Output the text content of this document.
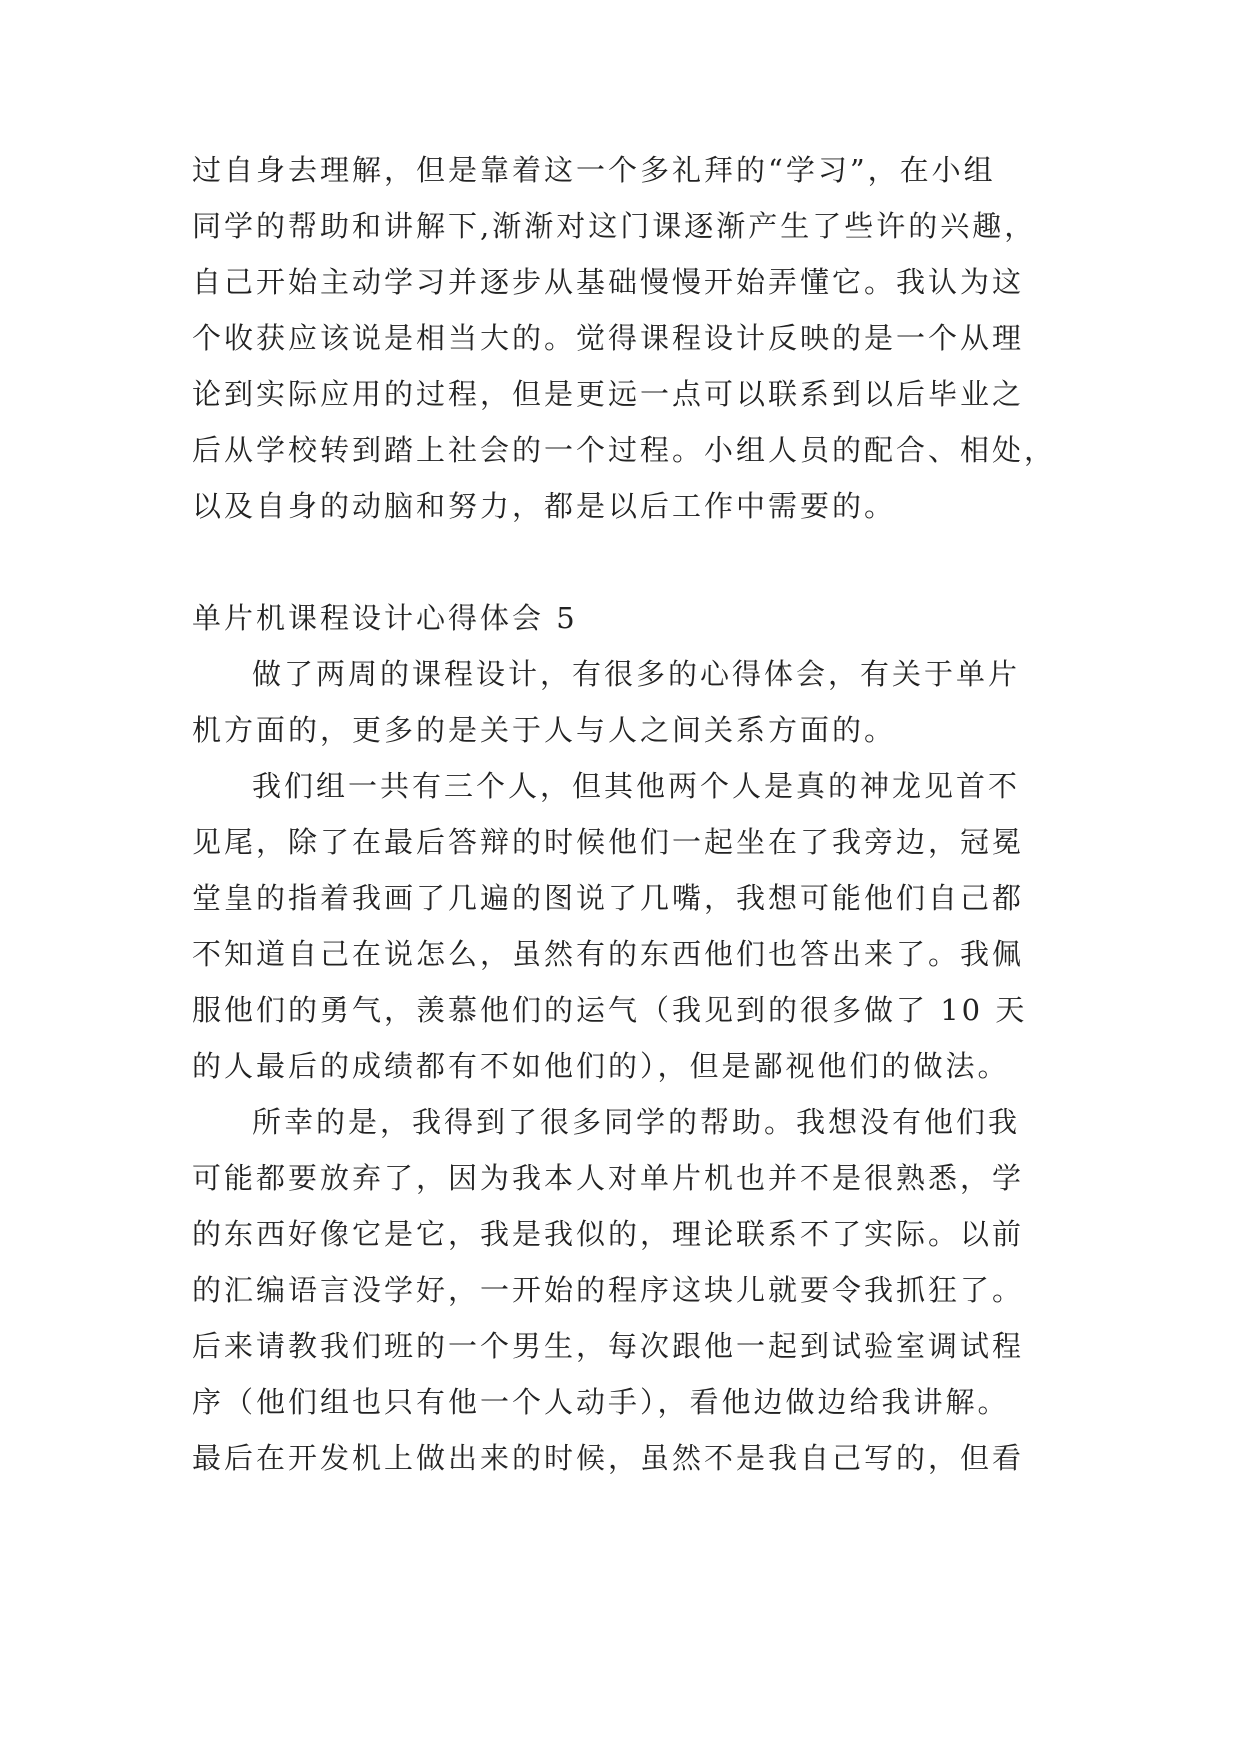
过自身去理解，但是靠着这一个多礼拜的“学习”，在小组

同学的帮助和讲解下,渐渐对这门课逐渐产生了些许的兴趣，

自己开始主动学习并逐步从基础慢慢开始弄懂它。我认为这

个收获应该说是相当大的。觉得课程设计反映的是一个从理

论到实际应用的过程，但是更远一点可以联系到以后毕业之

后从学校转到踏上社会的一个过程。小组人员的配合、相处，

以及自身的动脑和努力，都是以后工作中需要的。

单片机课程设计心得体会 5

做了两周的课程设计，有很多的心得体会，有关于单片

机方面的，更多的是关于人与人之间关系方面的。

我们组一共有三个人，但其他两个人是真的神龙见首不

见尾，除了在最后答辩的时候他们一起坐在了我旁边，冠冕

堂皇的指着我画了几遍的图说了几嘴，我想可能他们自己都

不知道自己在说怎么，虽然有的东西他们也答出来了。我佩

服他们的勇气，羡慕他们的运气（我见到的很多做了 10 天

的人最后的成绩都有不如他们的），但是鄙视他们的做法。

所幸的是，我得到了很多同学的帮助。我想没有他们我

可能都要放弃了，因为我本人对单片机也并不是很熟悉，学

的东西好像它是它，我是我似的，理论联系不了实际。以前

的汇编语言没学好，一开始的程序这块儿就要令我抓狂了。

后来请教我们班的一个男生，每次跟他一起到试验室调试程

序（他们组也只有他一个人动手），看他边做边给我讲解。

最后在开发机上做出来的时候，虽然不是我自己写的，但看
